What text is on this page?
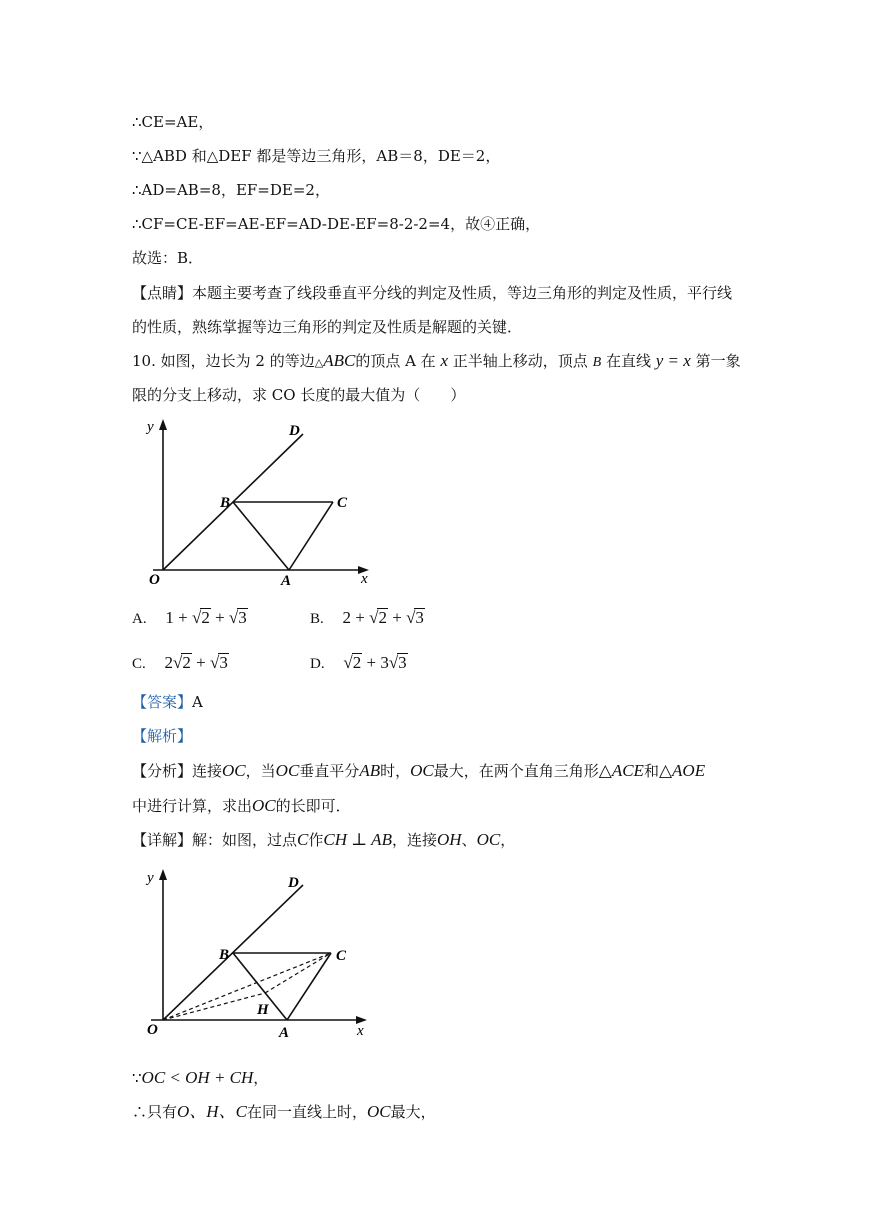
∴CE=AE，
∵△ABD 和△DEF 都是等边三角形，AB＝8，DE＝2，
∴AD=AB=8，EF=DE=2，
∴CF=CE-EF=AE-EF=AD-DE-EF=8-2-2=4，故④正确，
故选：B．
【点睛】本题主要考查了线段垂直平分线的判定及性质，等边三角形的判定及性质，平行线
的性质，熟练掌握等边三角形的判定及性质是解题的关键．
10. 如图，边长为 2 的等边△ABC的顶点 A 在 x 正半轴上移动，顶点 B 在直线 y = x 第一象
限的分支上移动，求 CO 长度的最大值为（　　）
y
x
O	A
B	C
D
A. 1 + √2 + √3	B. 2 + √2 + √3
C. 2√2 + √3	D. √2 + 3√3
【答案】A
【解析】
【分析】连接OC，当OC垂直平分AB时，OC最大，在两个直角三角形△ACE和△AOE
中进行计算，求出OC的长即可．
【详解】解：如图，过点C作CH ⊥ AB，连接OH、OC，
y
x
O	A
B	C
D
H
∵OC < OH + CH，
∴只有O、H、C在同一直线上时，OC最大，
